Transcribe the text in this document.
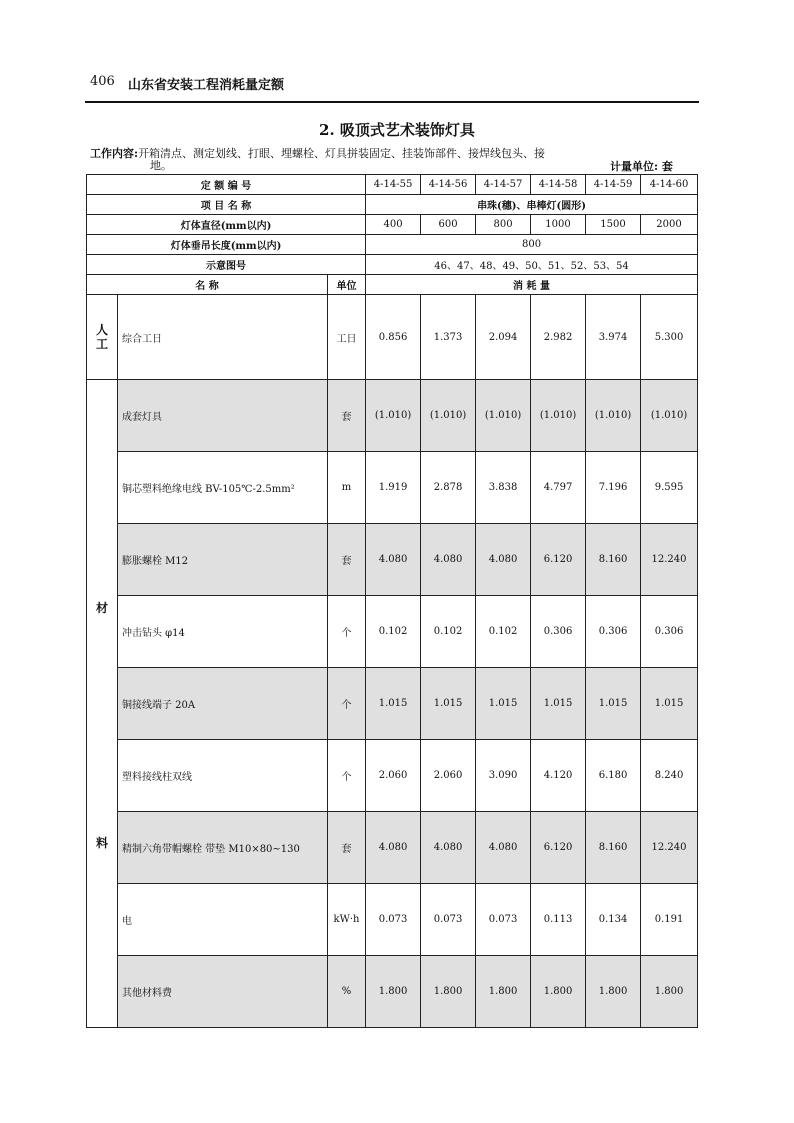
406 山东省安装工程消耗量定额
2. 吸顶式艺术装饰灯具
工作内容:开箱清点、测定划线、打眼、埋螺栓、灯具拼装固定、挂装饰部件、接焊线包头、接
地。	计量单位: 套
定 额 编 号			4-14-55	4-14-56	4-14-57	4-14-58	4-14-59	4-14-60
项 目 名 称			串珠(穗)、串棒灯(圆形)					
灯体直径(mm以内)			400	600	800	1000	1500	2000
灯体垂吊长度(mm以内)			800					
示意图号			46、47、48、49、50、51、52、53、54					
名 称		单位	消 耗 量					
人
工	综合工日	工日	0.856	1.373	2.094	2.982	3.974	5.300

材
料	成套灯具	套	(1.010)	(1.010)	(1.010)	(1.010)	(1.010)	(1.010)
	铜芯塑料绝缘电线 BV-105℃-2.5mm²	m	1.919	2.878	3.838	4.797	7.196	9.595
	膨胀螺栓 M12	套	4.080	4.080	4.080	6.120	8.160	12.240
	冲击钻头 φ14	个	0.102	0.102	0.102	0.306	0.306	0.306
	铜接线端子 20A	个	1.015	1.015	1.015	1.015	1.015	1.015
	塑料接线柱双线	个	2.060	2.060	3.090	4.120	6.180	8.240
	精制六角带帽螺栓 带垫 M10×80~130	套	4.080	4.080	4.080	6.120	8.160	12.240
	电	kW·h	0.073	0.073	0.073	0.113	0.134	0.191
	其他材料费	%	1.800	1.800	1.800	1.800	1.800	1.800
